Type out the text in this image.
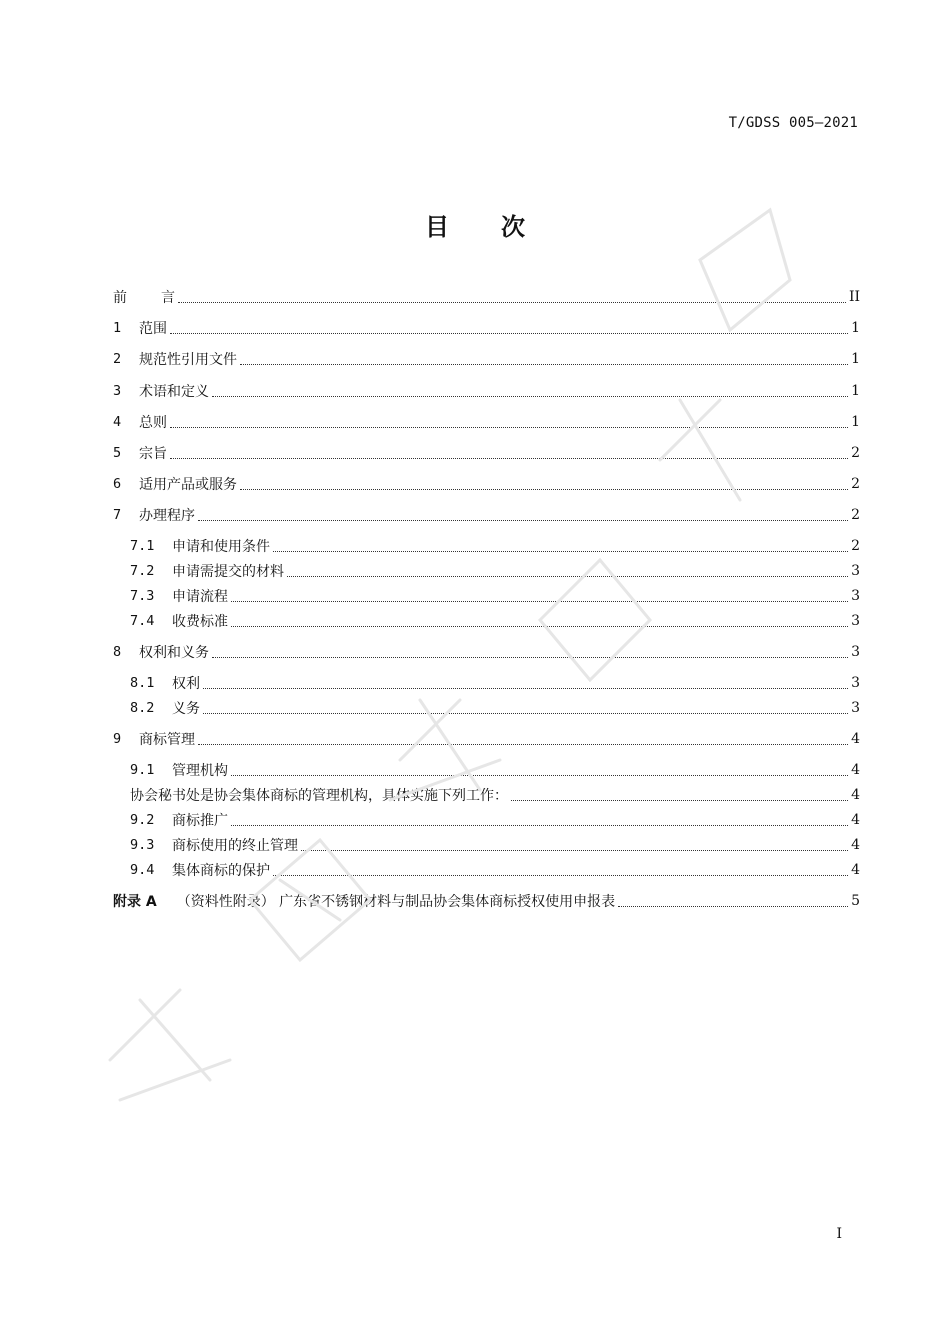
T/GDSS 005—2021
目 次
前 言	II
1	范围	1
2	规范性引用文件	1
3	术语和定义	1
4	总则	1
5	宗旨	2
6	适用产品或服务	2
7	办理程序	2
7.1	申请和使用条件	2
7.2	申请需提交的材料	3
7.3	申请流程	3
7.4	收费标准	3
8	权利和义务	3
8.1	权利	3
8.2	义务	3
9	商标管理	4
9.1	管理机构	4
协会秘书处是协会集体商标的管理机构，具体实施下列工作：	4
9.2	商标推广	4
9.3	商标使用的终止管理	4
9.4	集体商标的保护	4
附录 A （资料性附录） 广东省不锈钢材料与制品协会集体商标授权使用申报表	5
I
